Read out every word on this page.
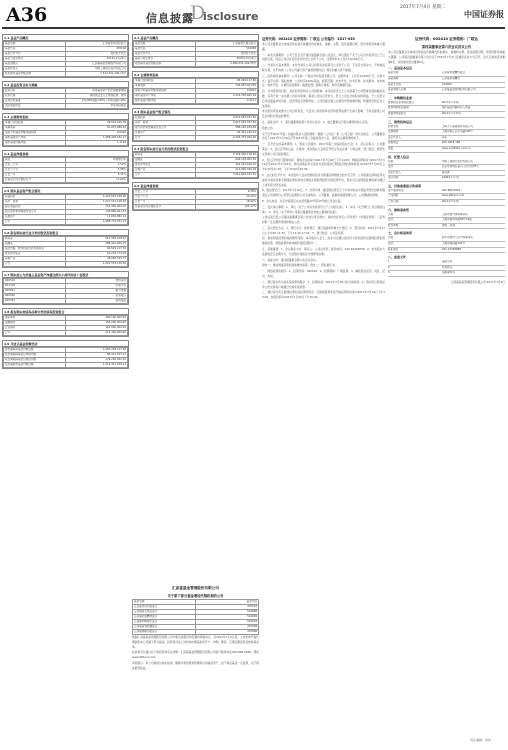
A36	信息披露
D
isclosure
2017年7月4日 星期二
中国证券报
1.1 基金产品概况
基金名称	汇添富优选回报混合
基金代码	470018
基金运作方式	契约型开放式
基金合同生效日	2014年2月25日
基金管理人	汇添富基金管理股份有限公司
基金托管人	中国工商银行股份有限公司
报告期末基金份额总额	1,512,341,258.11份
1.2 基金投资目标与策略
投资目标	追求基金资产的长期稳健增值
投资范围	国内依法发行上市的股票、债券
业绩比较基准	沪深300指数×60%＋中债指数×40%
风险收益特征	中等风险收益
1.3 主要财务指标
本期已实现收益	38,552,410.36
本期利润	61,207,988.45
加权平均基金份额本期利润	0.0402
期末基金资产净值	1,688,409,332.17
期末基金份额净值	1.1164
1.4 基金净值表现
阶段	净值增长率
过去三个月	3.52%
过去六个月	5.86%
过去一年	9.41%
自基金合同生效起至今	11.64%
1.5 期末基金资产组合情况
权益投资	1,021,553,128.40
其中：股票	1,021,553,128.40
固定收益投资	512,300,000.00
银行存款和结算备付金合计	142,886,021.54
其他资产	12,036,882.19
合计	1,688,776,032.13
1.6 报告期末按行业分类的股票投资组合
制造业	612,330,418.22
金融业	188,412,006.15
信息传输、软件和信息技术服务业	96,520,117.30
批发和零售业	54,218,773.02
房地产业	38,006,524.71
合计	1,021,553,128.40
1.7 期末按公允价值占基金资产净值比例大小排序的前十名股票
600519	贵州茅台
601318	中国平安
000651	格力电器
600036	招商银行
000333	美的集团
1.8 报告期末按债券品种分类的债券投资组合
国家债券	200,100,000.00
金融债券	150,200,000.00
企业债券	162,000,000.00
合计	512,300,000.00
1.9 开放式基金份额变动
报告期期初基金份额总额	1,603,228,117.40
报告期期间基金总申购份额	88,412,503.21
报告期期间基金总赎回份额	179,299,362.50
报告期期末基金份额总额	1,512,341,258.11
2.1 基金产品概况
基金名称	汇添富成长焦点混合
基金代码	519068
基金运作方式	契约型开放式
基金合同生效日	2007年3月12日
报告期末基金份额总额	2,086,551,204.37份
2.2 主要财务指标
本期已实现收益	95,204,117.82
本期利润	132,667,401.05
加权平均基金份额本期利润	0.0621
期末基金资产净值	4,218,330,665.29
期末基金份额净值	2.0217
2.3 期末基金资产组合情况
权益投资	3,612,054,337.81
其中：股票	3,612,054,337.81
银行存款和结算备付金合计	588,120,430.66
其他资产	26,301,225.43
合计	4,226,475,993.90
2.4 报告期末按行业分类的股票投资组合
制造业	2,104,330,118.42
金融业	642,118,900.36
批发和零售业	301,224,016.75
房地产业	214,505,330.18
合计	3,612,054,337.81
2.5 基金净值表现
过去三个月	6.58%
过去六个月	10.22%
过去一年	18.04%
自基金合同生效起至今	102.17%
汇添富基金管理股份有限公司
关于旗下部分基金增加代销机构的公告
基金名称	基金代码
汇添富优选回报混合	470018
汇添富成长焦点混合	519068
汇添富价值精选混合	519069
汇添富均衡增长混合	519018
汇添富蓝筹稳健混合	470008
汇添富策略回报混合	470098

根据汇添富基金管理股份有限公司与相关销售机构签署的销售协议，自2017年7月4日起，上述机构开始代理销售本公司旗下部分基金。投资者可在上述机构办理基金的开户、申购、赎回、定期定额投资及转换等业务。

投资者可以通过以下途径咨询有关详情：汇添富基金管理股份有限公司客户服务电话400-888-9918，网址www.99fund.com。

风险提示：本公司承诺以诚实信用、勤勉尽责的原则管理和运用基金资产，但不保证基金一定盈利，也不保证最低收益。

证券代码：002410 证券简称：广联达 公告编号：2017-035

本公司及董事会全体成员保证信息披露的内容真实、准确、完整，没有虚假记载、误导性陈述或重大遗漏。

一、本次交易概述：公司于近日召开第四届董事会第六次会议，审议通过了关于公司对外投资设立子公司的议案，同意公司以自有资金出资设立全资子公司，注册资本为人民币10,000万元。

二、交易对方基本情况：本次交易系公司以自有资金投资设立全资子公司，不涉及交易对方，不构成关联交易，也不构成《上市公司重大资产重组管理办法》规定的重大资产重组。

三、投资标的基本情况：公司名称：广联达科技发展有限公司；注册资本：人民币10,000万元；出资方式：货币出资；股权结构：公司持有100%股权；经营范围：技术开发、技术咨询、技术服务、技术转让；软件开发；计算机系统服务；数据处理；销售计算机、软件及辅助设备。

四、对外投资的目的、存在的风险和对公司的影响：本次投资设立子公司是基于公司整体发展战略的需要，有利于进一步拓展公司业务领域，提高公司综合竞争力，符合公司及全体股东的利益。子公司设立后可能面临市场风险、经营风险及管理风险，公司将通过建立完善的内部控制机制，积极防范和应对上述风险。

本次投资资金来源为公司自有资金，不会对公司的财务状况和经营成果产生重大影响，不存在损害公司及全体股东利益的情形。

五、备查文件：1、第四届董事会第六次会议决议；2、独立董事关于相关事项的独立意见。

特此公告。

关于召开2017年第二次临时股东大会的通知：根据《公司法》和《公司章程》的有关规定，公司董事会决定于2017年7月20日召开2017年第二次临时股东大会，现将有关事项通知如下。

一、召开会议的基本情况：1、股东大会届次：2017年第二次临时股东大会；2、会议召集人：公司董事会；3、会议召开的合法、合规性：本次股东大会的召开符合有关法律、行政法规、部门规章、规范性文件和公司章程的规定。

4、会议召开的日期和时间：现场会议时间为2017年7月20日下午14:30；网络投票时间为2017年7月19日至2017年7月20日。通过深圳证券交易所交易系统进行网络投票的具体时间为2017年7月20日上午9:30至11:30，下午13:00至15:00。

5、会议的召开方式：本次股东大会采用现场表决与网络投票相结合的方式召开。公司将通过深圳证券交易所交易系统和互联网投票系统向全体股东提供网络形式的投票平台，股东可以在网络投票时间内通过上述系统行使表决权。

6、股权登记日：2017年7月14日。7、出席对象：截至股权登记日下午收市时在中国证券登记结算有限责任公司深圳分公司登记在册的公司全体股东；公司董事、监事和高级管理人员；公司聘请的律师。

8、会议地点：北京市海淀区东北旺西路10号院13号楼公司会议室。

二、会议审议事项：1、审议《关于公司对外投资设立子公司的议案》；2、审议《关于修订公司章程的议案》；3、审议《关于选举公司第四届董事会非独立董事的议案》。

上述议案已经公司第四届董事会第六次会议审议通过，具体内容详见公司刊登于《中国证券报》、《证券时报》及巨潮资讯网的相关公告。

三、会议登记方法：1、登记方式：现场登记、通过信函或传真方式登记；2、登记时间：2017年7月17日上午9:00-11:30，下午13:30-17:00；3、登记地点：公司证券部。

四、参加网络投票的具体操作流程：本次股东大会上，股东可以通过深交所交易系统和互联网投票系统参加投票，网络投票的具体操作流程见附件一。

五、其他事项：1、会议联系方式：联系人：公司证券部；联系电话：010-56403059；2、本次股东大会现场会议会期半天，与会股东食宿及交通费用自理。

六、备查文件：第四届董事会第六次会议决议。

附件一：参加网络投票的具体操作流程；附件二：授权委托书。

一、网络投票的程序：1、投票代码：362410；2、投票简称：广联投票；3、填报表决意见：同意、反对、弃权。

二、通过深交所交易系统投票的程序：1、投票时间：2017年7月20日的交易时间；2、股东可以登录证券公司交易客户端通过交易系统投票。

三、通过深交所互联网投票系统投票的程序：互联网投票系统开始投票的时间为2017年7月19日下午15:00，结束时间为2017年7月20日下午15:00。

证券代码：002410 证券简称：广联达
第四届董事会第六次会议决议公告
本公司及董事会全体成员保证信息披露内容的真实、准确和完整，没有虚假记载、误导性陈述或重大遗漏。公司第四届董事会第六次会议于2017年7月3日以通讯表决方式召开，会议应参加表决董事9名，实际参加表决董事9名。
一、基金基本信息
基金名称	汇添富价值精选混合
基金简称	汇添富价值精选
基金主代码	519069
基金管理人名称	汇添富基金管理股份有限公司
二、申购赎回业务
暂停相关业务的起始日	2017年7月4日
暂停申购原因说明	保护基金份额持有人利益
恢复申购起始日	2017年7月10日
三、销售机构信息
机构名称	上海天天基金销售有限公司
注册地址	上海市徐汇区龙田路190号
法定代表人	其实
客服电话	400-1818-188
网址	www.1234567.com.cn
四、托管人信息
名称	中国工商银行股份有限公司
住所	北京市西城区复兴门内大街55号
法定代表人	易会满
成立时间	1984年1月1日
五、其他需要提示的事项
客户服务电话	400-888-9918
公司网址	www.99fund.com
公告日期	2017年7月4日
六、律师事务所
名称	上海市通力律师事务所
住所	上海市银城中路68号19楼
经办律师	黎明、孙睿
七、会计师事务所
名称	普华永道中天会计师事务所
住所	上海市湖滨路202号
联系电话	021-23238888
八、备查文件
1	基金合同
2	托管协议
3	招募说明书
汇添富基金管理股份有限公司 2017年7月4日
责任编辑：何伟
